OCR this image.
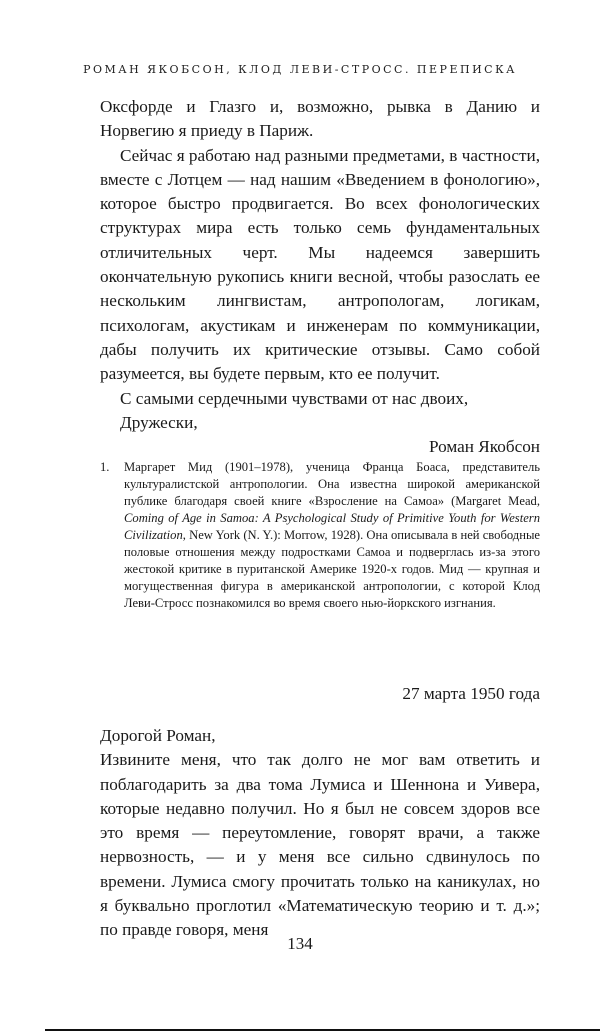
РОМАН ЯКОБСОН, КЛОД ЛЕВИ-СТРОСС. ПЕРЕПИСКА

Оксфорде и Глазго и, возможно, рывка в Данию и Норвегию я приеду в Париж.

Сейчас я работаю над разными предметами, в частности, вместе с Лотцем — над нашим «Введением в фонологию», которое быстро продвигается. Во всех фонологических структурах мира есть только семь фундаментальных отличительных черт. Мы надеемся завершить окончательную рукопись книги весной, чтобы разослать ее нескольким лингвистам, антропологам, логикам, психологам, акустикам и инженерам по коммуникации, дабы получить их критические отзывы. Само собой разумеется, вы будете первым, кто ее получит.

С самыми сердечными чувствами от нас двоих,

Дружески,

Роман Якобсон

1.	Маргарет Мид (1901–1978), ученица Франца Боаса, представитель культуралистской антропологии. Она известна широкой американской публике благодаря своей книге «Взросление на Самоа» (Margaret Mead, Coming of Age in Samoa: A Psychological Study of Primitive Youth for Western Civilization, New York (N. Y.): Morrow, 1928). Она описывала в ней свободные половые отношения между подростками Самоа и подверглась из-за этого жестокой критике в пуританской Америке 1920-х годов. Мид — крупная и могущественная фигура в американской антропологии, с которой Клод Леви-Стросс познакомился во время своего нью-йоркского изгнания.
27 марта 1950 года

Дорогой Роман,

Извините меня, что так долго не мог вам ответить и поблагодарить за два тома Лумиса и Шеннона и Уивера, которые недавно получил. Но я был не совсем здоров все это время — переутомление, говорят врачи, а также нервозность, — и у меня все сильно сдвинулось по времени. Лумиса смогу прочитать только на каникулах, но я буквально проглотил «Математическую теорию и т. д.»; по правде говоря, меня

134
